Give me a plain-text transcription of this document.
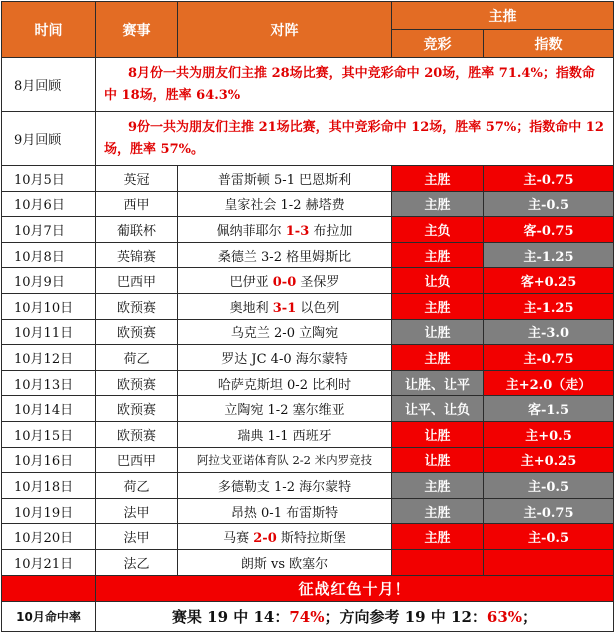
时间	赛事	对阵	主推	
			竞彩	指数
8月回顾	8月份一共为朋友们主推 28场比赛，其中竞彩命中 20场，胜率 71.4%；指数命中 18场，胜率 64.3%			
9月回顾	9份一共为朋友们主推 21场比赛，其中竞彩命中 12场，胜率 57%；指数命中 12场，胜率 57%。			
10月5日	英冠	普雷斯顿 5-1 巴恩斯利	主胜	主-0.75
10月6日	西甲	皇家社会 1-2 赫塔费	主胜	主-0.5
10月7日	葡联杯	佩纳菲耶尔 1-3 布拉加	主负	客-0.75
10月8日	英锦赛	桑德兰 3-2 格里姆斯比	主胜	主-1.25
10月9日	巴西甲	巴伊亚 0-0 圣保罗	让负	客+0.25
10月10日	欧预赛	奥地利 3-1 以色列	主胜	主-1.25
10月11日	欧预赛	乌克兰 2-0 立陶宛	让胜	主-3.0
10月12日	荷乙	罗达 JC 4-0 海尔蒙特	主胜	主-0.75
10月13日	欧预赛	哈萨克斯坦 0-2 比利时	让胜、让平	主+2.0（走）
10月14日	欧预赛	立陶宛 1-2 塞尔维亚	让平、让负	客-1.5
10月15日	欧预赛	瑞典 1-1 西班牙	让胜	主+0.5
10月16日	巴西甲	阿拉戈亚诺体育队 2-2 米内罗竞技	让胜	主+0.25
10月18日	荷乙	多德勒支 1-2 海尔蒙特	主胜	主-0.5
10月19日	法甲	昂热 0-1 布雷斯特	主胜	主-0.75
10月20日	法甲	马赛 2-0 斯特拉斯堡	主胜	主-0.5
10月21日	法乙	朗斯 vs 欧塞尔		
	征战红色十月！			
10月命中率	赛果 19 中 14：74%；方向参考 19 中 12：63%；			
